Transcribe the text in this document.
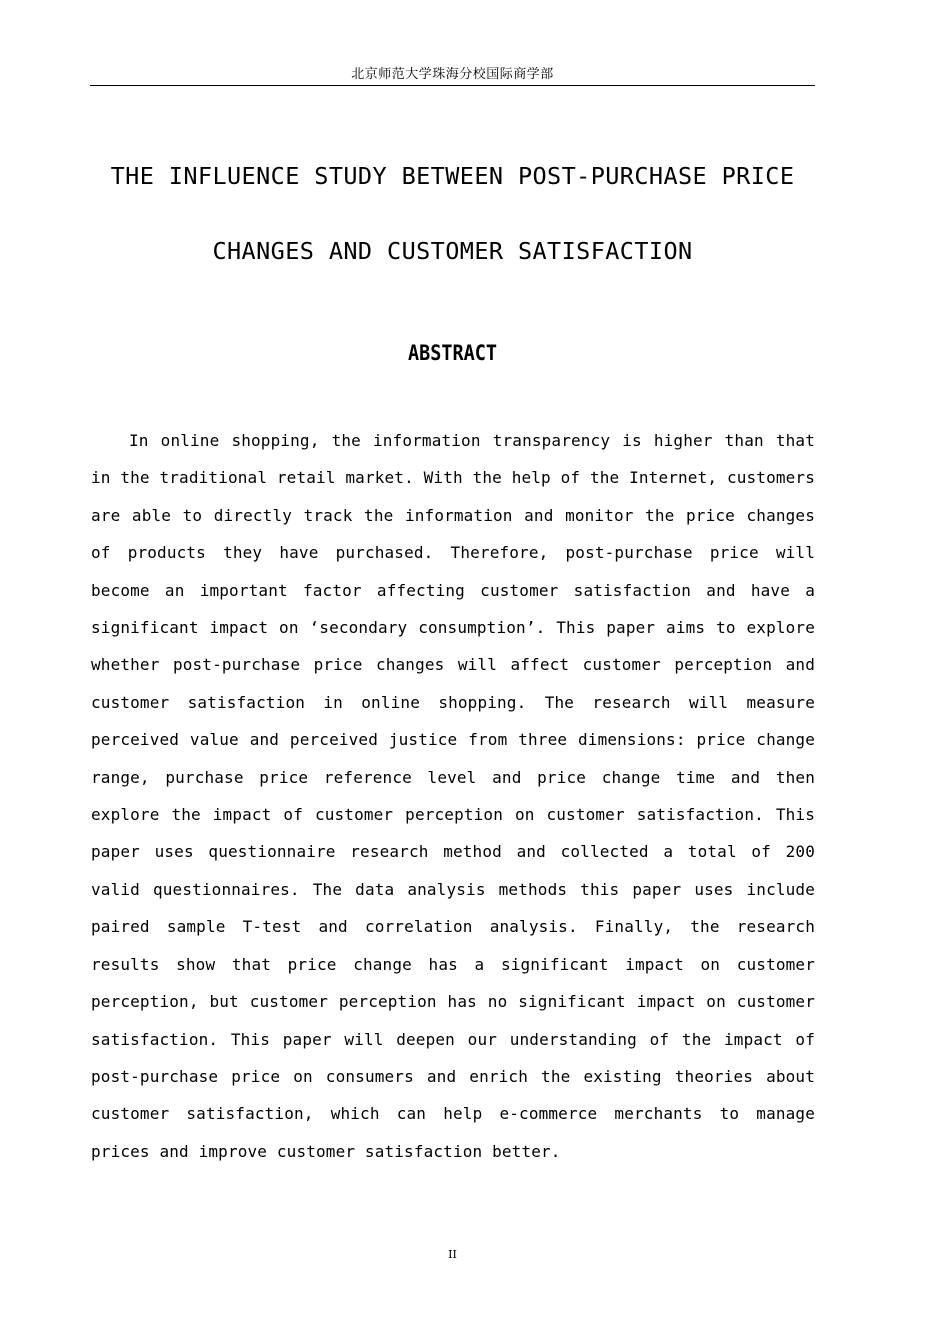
北京师范大学珠海分校国际商学部
THE INFLUENCE STUDY BETWEEN POST-PURCHASE PRICE
CHANGES AND CUSTOMER SATISFACTION
ABSTRACT

In online shopping, the information transparency is higher than that in the traditional retail market. With the help of the Internet, customers are able to directly track the information and monitor the price changes of products they have purchased. Therefore, post-purchase price will become an important factor affecting customer satisfaction and have a significant impact on ‘secondary consumption’. This paper aims to explore whether post-purchase price changes will affect customer perception and customer satisfaction in online shopping. The research will measure perceived value and perceived justice from three dimensions: price change range, purchase price reference level and price change time and then explore the impact of customer perception on customer satisfaction. This paper uses questionnaire research method and collected a total of 200 valid questionnaires. The data analysis methods this paper uses include paired sample T-test and correlation analysis. Finally, the research results show that price change has a significant impact on customer perception, but customer perception has no significant impact on customer satisfaction. This paper will deepen our understanding of the impact of post-purchase price on consumers and enrich the existing theories about customer satisfaction, which can help e-commerce merchants to manage prices and improve customer satisfaction better.

II
